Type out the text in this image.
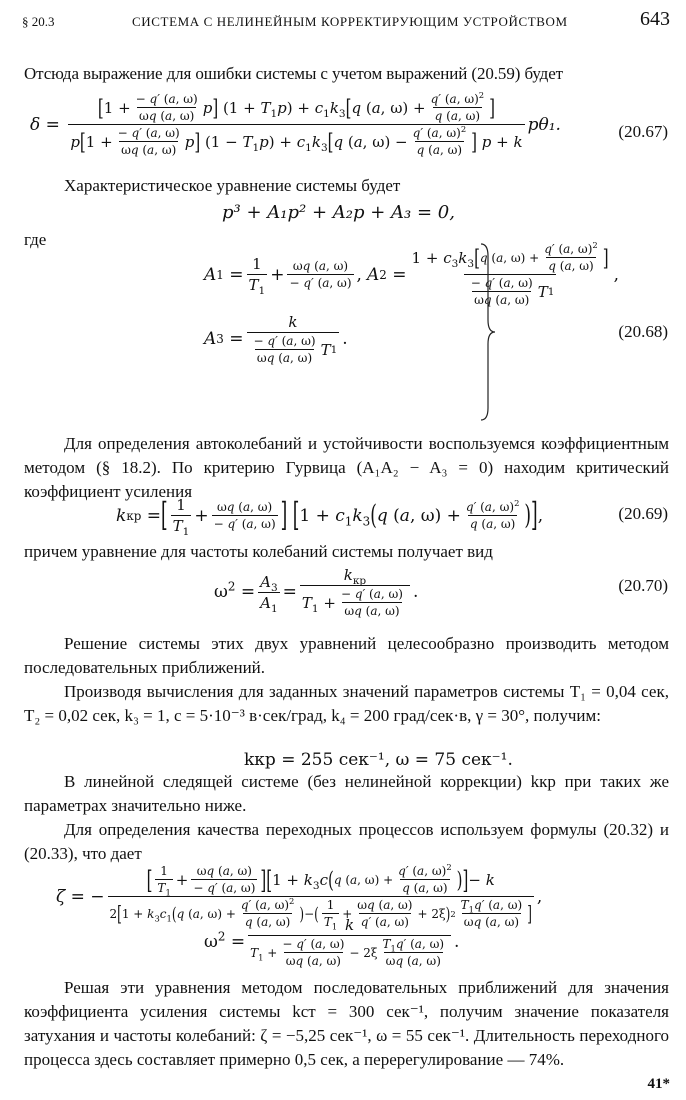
§ 20.3	СИСТЕМА С НЕЛИНЕЙНЫМ КОРРЕКТИРУЮЩИМ УСТРОЙСТВОМ	643
Отсюда выражение для ошибки системы с учетом выражений (20.59) будет
δ =
[ $1 + \frac{- q' (a, \omega)}{\omega q (a, \omega)}$ p ] $(1 + T_1p) + c_1k_3$ [ q (a, $\omega) + \frac{q' (a, \omega)^2}{q (a, \omega)}$ ]
p [ $1 + \frac{- q' (a, \omega)}{\omega q (a, \omega)}$ p ] $(1 - T_1p) + c_1k_3$ [ q (a, $\omega) - \frac{q' (a, \omega)^2}{q (a, \omega)}$ ] p + k
pθ₁.	(20.67)
Характеристическое уравнение системы будет
p³ + A₁p² + A₂p + A₃ = 0,
где
A $1 = \frac{1}{T_1} + \frac{\omega q (a, \omega)}{- q' (a, \omega)}$ ,
A 2 =
$1 + c_3k_3$ [ q (a, $\omega) + \frac{q' (a, \omega)^2}{q (a, \omega)}$ ]
$\frac{- q' (a, \omega)}{\omega q (a, \omega)}$ T 1
,

A $3 = \frac{k}{\frac{- q' (a, \omega)}{\omega q (a, \omega)} T 1}$ .	(20.68)
Для определения автоколебаний и устойчивости воспользуемся коэффициентным методом (§ 18.2). По критерию Гурвица (A₁A₂ − A₃ = 0) находим критический коэффициент усиления
k кр = [ $\frac{1}{T_1} + \frac{\omega q (a, \omega)}{- q' (a, \omega)}$ ]
[ $1 + c_1k_3$ ( q (a, $\omega) + \frac{q' (a, \omega)^2}{q (a, \omega)}$ ) ] ,	(20.69)
причем уравнение для частоты колебаний системы получает вид
$\omega^2 = \frac{A_3}{A_1} = \frac{k_{кр}}{T_1 + \frac{- q' (a, \omega)}{\omega q (a, \omega)}}$ .	(20.70)
Решение системы этих двух уравнений целесообразно производить методом последовательных приближений.
Производя вычисления для заданных значений параметров системы T₁ = 0,04 сек, T₂ = 0,02 сек, k₃ = 1, c = 5·10⁻³ в·сек/град, k₄ = 200 град/сек·в, γ = 30°, получим:
kкр = 255 сек⁻¹, ω = 75 сек⁻¹.
В линейной следящей системе (без нелинейной коррекции) kкр при таких же параметрах значительно ниже.
Для определения качества переходных процессов используем формулы (20.32) и (20.33), что дает
ζ = −
[ $\frac{1}{T_1} + \frac{\omega q (a, \omega)}{- q' (a, \omega)}$ ] [ $1 + k_3c$ ( q (a, $\omega) + \frac{q' (a, \omega)^2}{q (a, \omega)}$ ) ] − k
2 [ $1 + k_3c_1$ ( q (a, $\omega) + \frac{q' (a, \omega)^2}{q (a, \omega)}$ ) − ( $\frac{1}{T_1} + \frac{\omega q (a, \omega)}{q' (a, \omega)} + 2\xi$ ) $2 \frac{T_1q' (a, \omega)}{\omega q (a, \omega)}$ ]
,
$\omega^2$ =
k
$T_1 + \frac{- q' (a, \omega)}{\omega q (a, \omega)} - 2\xi \frac{T_1q' (a, \omega)}{\omega q (a, \omega)}$ .
Решая эти уравнения методом последовательных приближений для значения коэффициента усиления системы kст = 300 сек⁻¹, получим значение показателя затухания и частоты колебаний: ζ = −5,25 сек⁻¹, ω = 55 сек⁻¹. Длительность переходного процесса здесь составляет примерно 0,5 сек, а перерегулирование — 74%.
41*
